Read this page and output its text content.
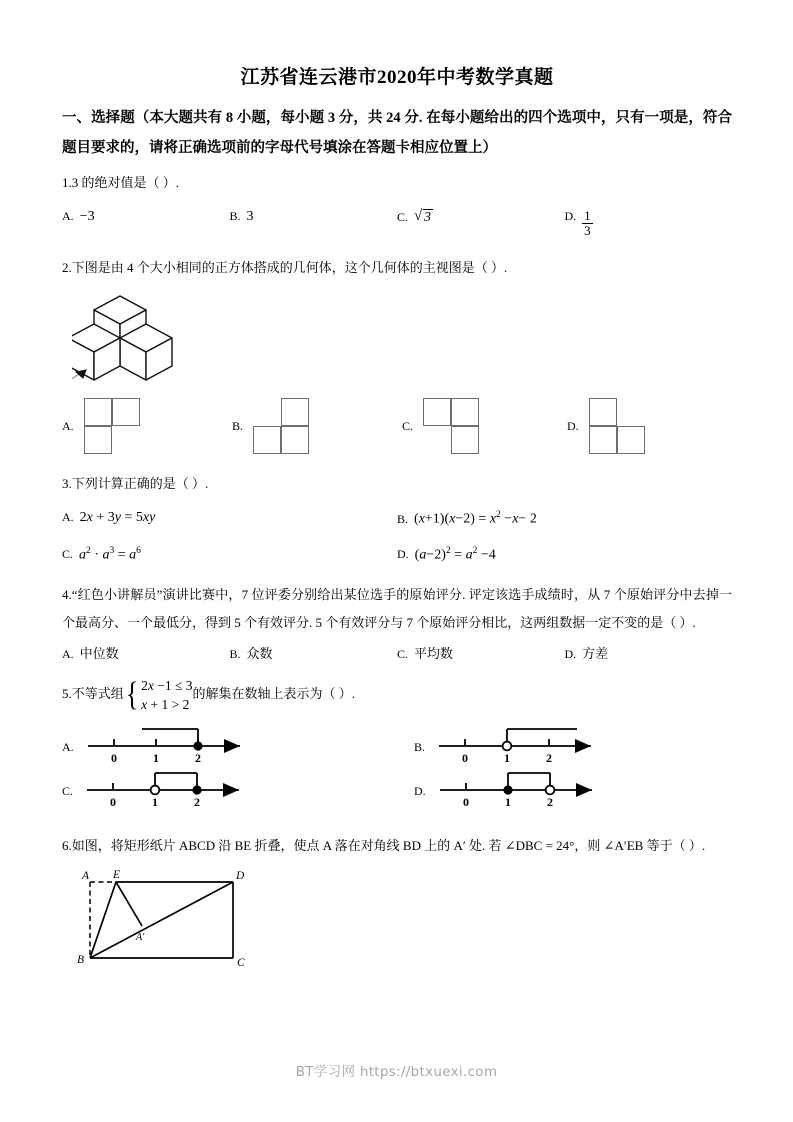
江苏省连云港市2020年中考数学真题
一、选择题（本大题共有 8 小题，每小题 3 分，共 24 分. 在每小题给出的四个选项中，只有一项是，符合题目要求的，请将正确选项前的字母代号填涂在答题卡相应位置上）
1.3 的绝对值是（ ）.
A. −3	B. 3	C.	√ 3	D. $\frac{1}{3}$
2.下图是由 4 个大小相同的正方体搭成的几何体，这个几何体的主视图是（ ）.
A.	B.	C.	D.
3.下列计算正确的是（ ）.
A. 2x + 3y = 5xy	B. $(x+1)(x-2) = x^2 -x- 2$
C. $a^2 \cdot a^3 = a^6$	D. $(a-2)^2 = a^2 -4$
4.“红色小讲解员”演讲比赛中，7 位评委分别给出某位选手的原始评分. 评定该选手成绩时，从 7 个原始评分中去掉一个最高分、一个最低分，得到 5 个有效评分. 5 个有效评分与 7 个原始评分相比，这两组数据一定不变的是（ ）.
A. 中位数	B. 众数	C. 平均数	D. 方差
5.不等式组 { 2x −1 ≤ 3
x + 1 > 2
的解集在数轴上表示为（ ）.
A.
0	1	2
B.
0	1	2
C.
0	1	2
D.
0	1	2
6.如图，将矩形纸片 ABCD 沿 BE 折叠，使点 A 落在对角线 BD 上的 A′ 处. 若 ∠DBC = 24°，则 ∠A′EB 等于（ ）.
A E	D
B	C
A′
BT学习网 https://btxuexi.com
